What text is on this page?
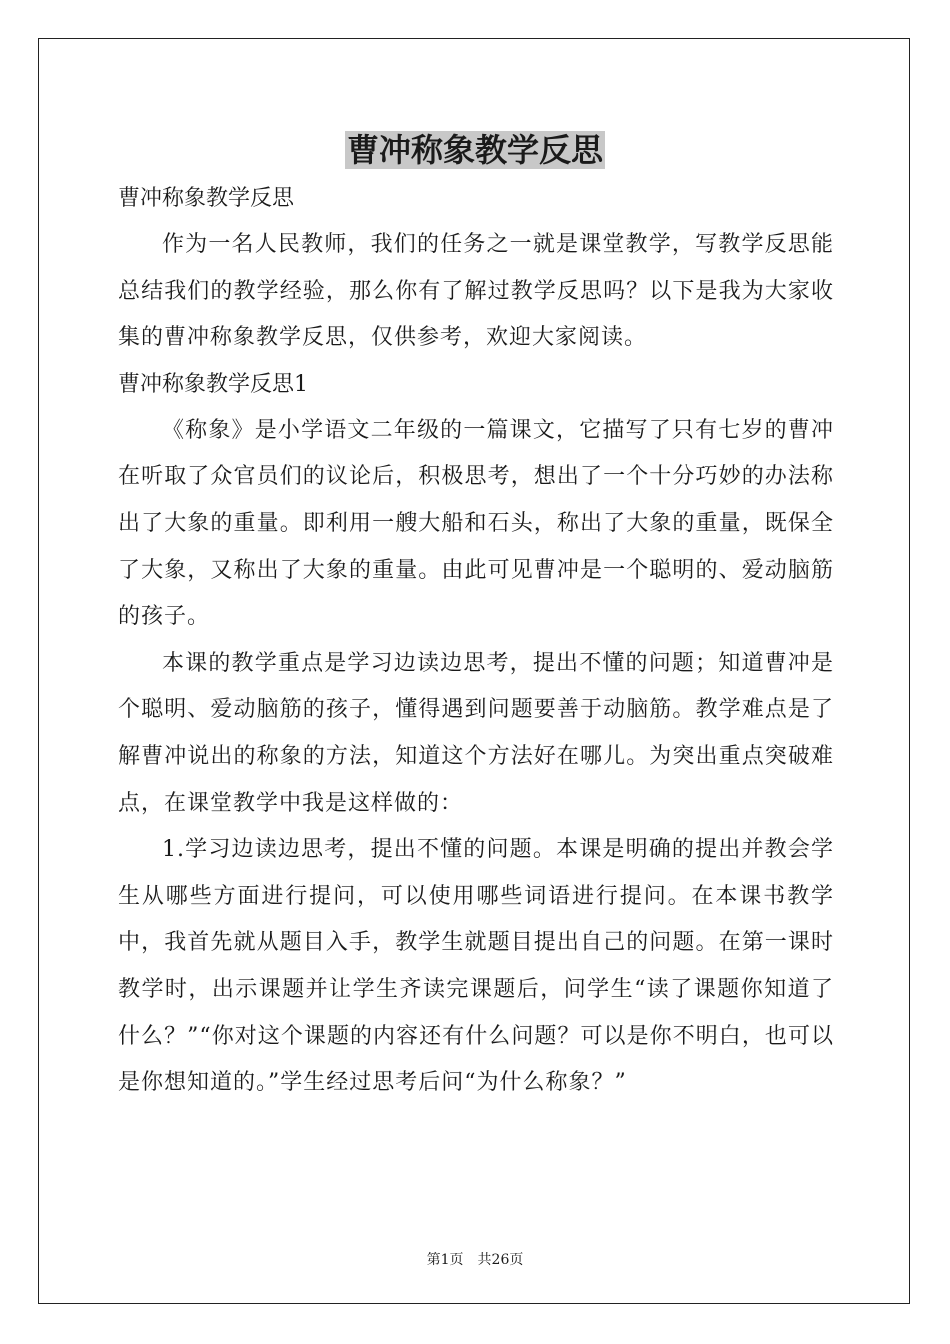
曹冲称象教学反思

曹冲称象教学反思

作为一名人民教师，我们的任务之一就是课堂教学，写教学反思能总结我们的教学经验，那么你有了解过教学反思吗？以下是我为大家收集的曹冲称象教学反思，仅供参考，欢迎大家阅读。

曹冲称象教学反思1

《称象》是小学语文二年级的一篇课文，它描写了只有七岁的曹冲在听取了众官员们的议论后，积极思考，想出了一个十分巧妙的办法称出了大象的重量。即利用一艘大船和石头，称出了大象的重量，既保全了大象，又称出了大象的重量。由此可见曹冲是一个聪明的、爱动脑筋的孩子。

本课的教学重点是学习边读边思考，提出不懂的问题；知道曹冲是个聪明、爱动脑筋的孩子，懂得遇到问题要善于动脑筋。教学难点是了解曹冲说出的称象的方法，知道这个方法好在哪儿。为突出重点突破难点，在课堂教学中我是这样做的：

1.学习边读边思考，提出不懂的问题。本课是明确的提出并教会学生从哪些方面进行提问，可以使用哪些词语进行提问。在本课书教学中，我首先就从题目入手，教学生就题目提出自己的问题。在第一课时教学时，出示课题并让学生齐读完课题后，问学生“读了课题你知道了什么？”“你对这个课题的内容还有什么问题？可以是你不明白，也可以是你想知道的。”学生经过思考后问“为什么称象？”

第1页　共26页
